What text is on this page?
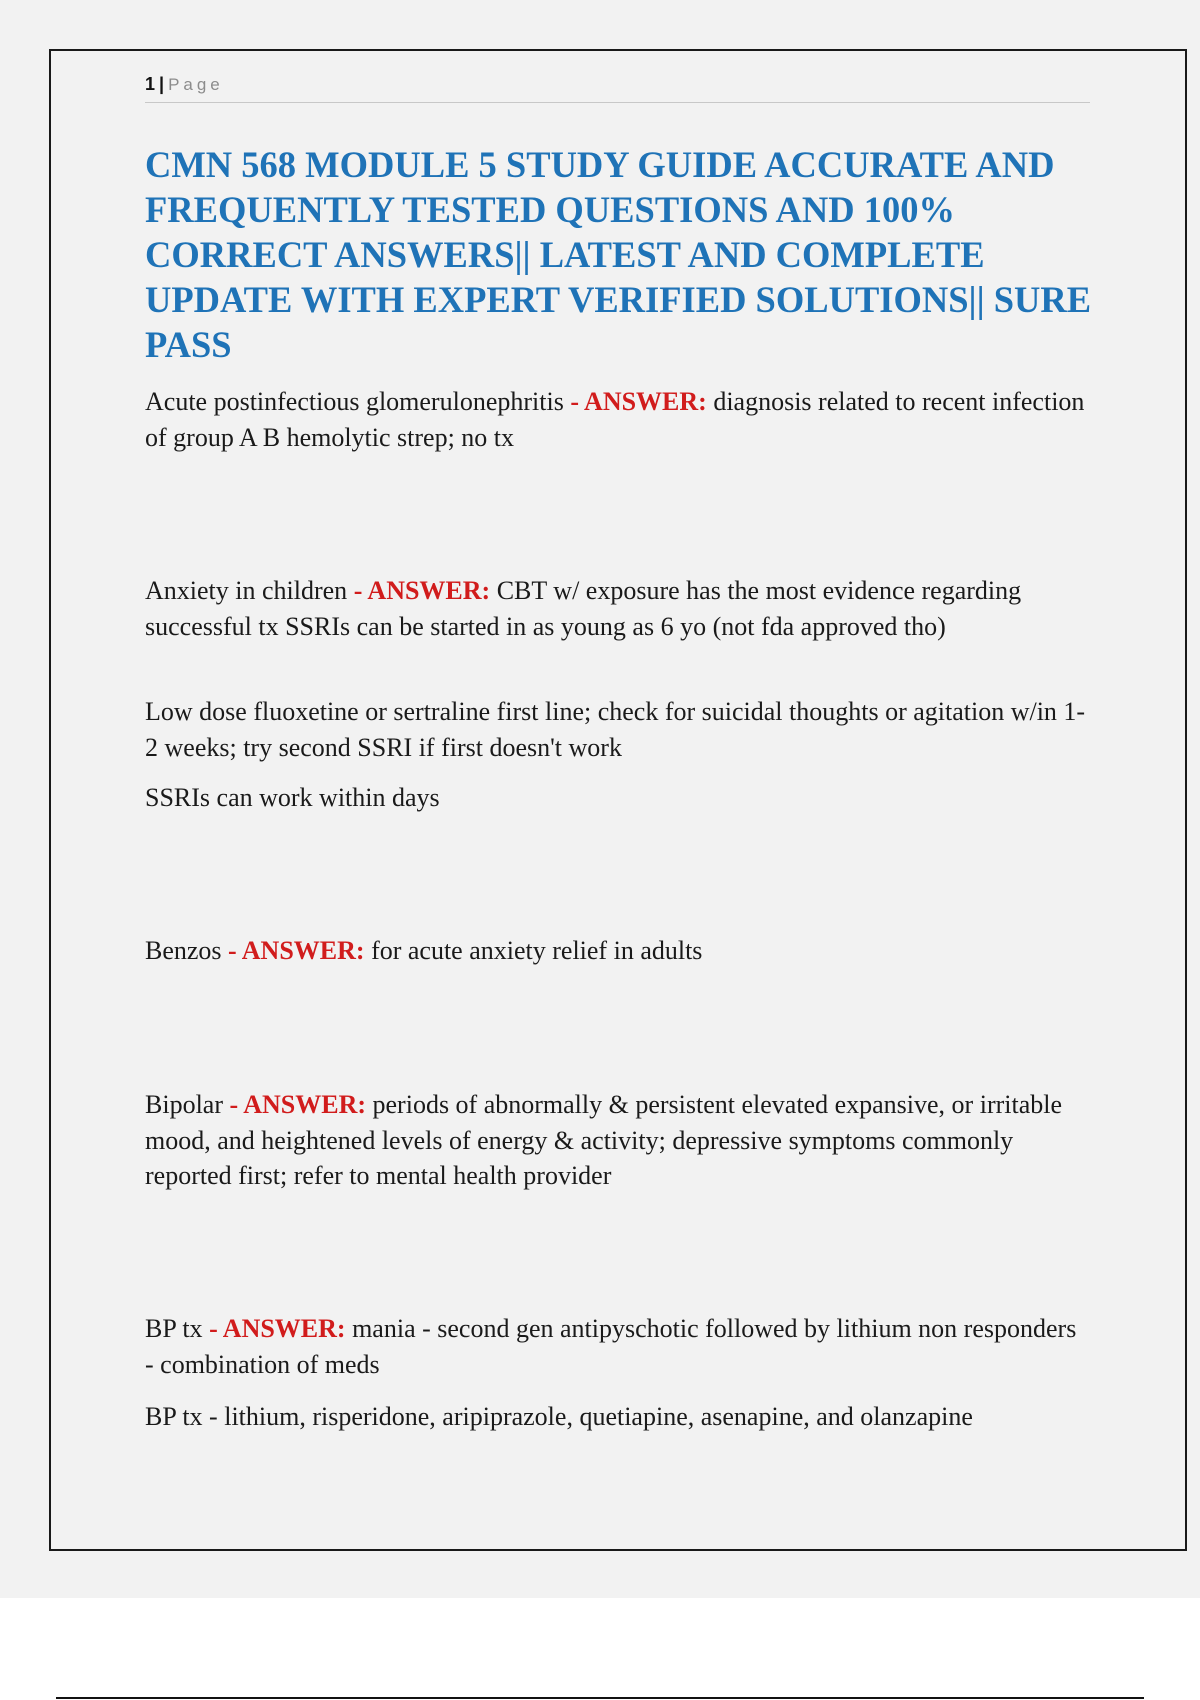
1 | Page
CMN 568 MODULE 5 STUDY GUIDE ACCURATE AND FREQUENTLY TESTED QUESTIONS AND 100% CORRECT ANSWERS|| LATEST AND COMPLETE UPDATE WITH EXPERT VERIFIED SOLUTIONS|| SURE PASS

Acute postinfectious glomerulonephritis - ANSWER: diagnosis related to recent infection of group A B hemolytic strep; no tx

Anxiety in children - ANSWER: CBT w/ exposure has the most evidence regarding successful tx SSRIs can be started in as young as 6 yo (not fda approved tho)

Low dose fluoxetine or sertraline first line; check for suicidal thoughts or agitation w/in 1-2 weeks; try second SSRI if first doesn't work

SSRIs can work within days

Benzos - ANSWER: for acute anxiety relief in adults

Bipolar - ANSWER: periods of abnormally & persistent elevated expansive, or irritable mood, and heightened levels of energy & activity; depressive symptoms commonly reported first; refer to mental health provider

BP tx - ANSWER: mania - second gen antipyschotic followed by lithium non responders - combination of meds

BP tx - lithium, risperidone, aripiprazole, quetiapine, asenapine, and olanzapine
